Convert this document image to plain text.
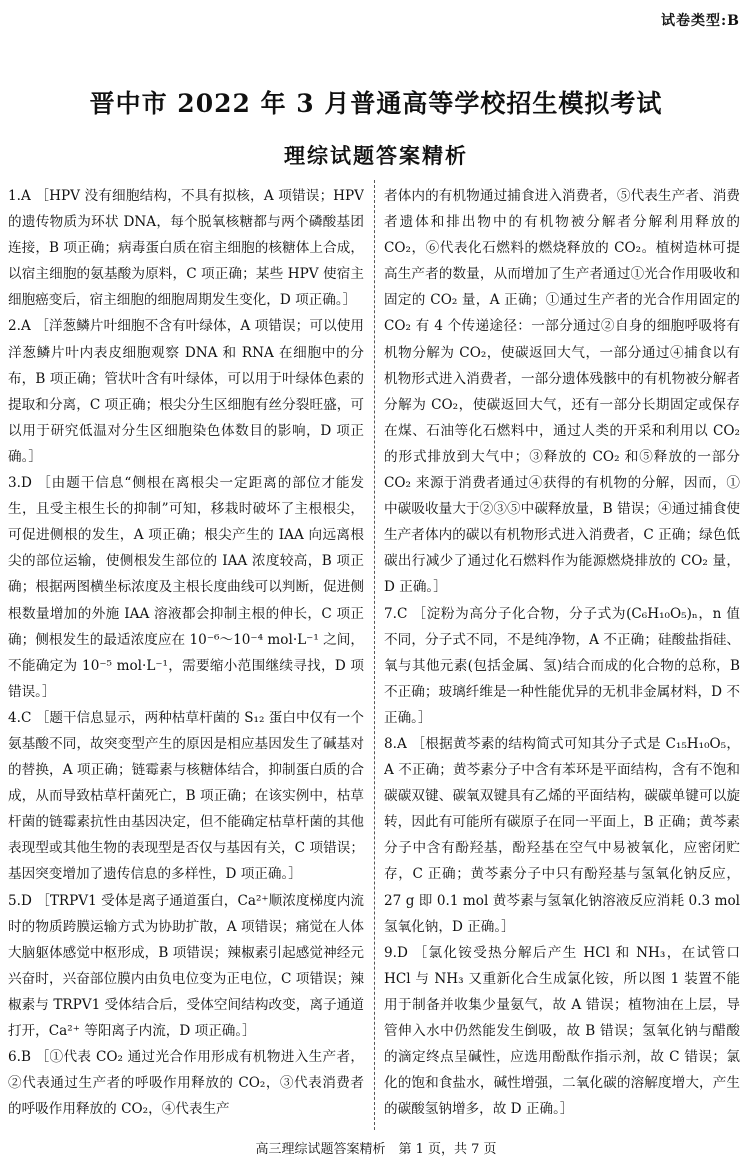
试卷类型:B
晋中市 2022 年 3 月普通高等学校招生模拟考试
理综试题答案精析

1.A ［HPV 没有细胞结构，不具有拟核，A 项错误；HPV 的遗传物质为环状 DNA，每个脱氧核糖都与两个磷酸基团连接，B 项正确；病毒蛋白质在宿主细胞的核糖体上合成，以宿主细胞的氨基酸为原料，C 项正确；某些 HPV 使宿主细胞癌变后，宿主细胞的细胞周期发生变化，D 项正确。］

2.A ［洋葱鳞片叶细胞不含有叶绿体，A 项错误；可以使用洋葱鳞片叶内表皮细胞观察 DNA 和 RNA 在细胞中的分布，B 项正确；管状叶含有叶绿体，可以用于叶绿体色素的提取和分离，C 项正确；根尖分生区细胞有丝分裂旺盛，可以用于研究低温对分生区细胞染色体数目的影响，D 项正确。］

3.D ［由题干信息“侧根在离根尖一定距离的部位才能发生，且受主根生长的抑制”可知，移栽时破坏了主根根尖，可促进侧根的发生，A 项正确；根尖产生的 IAA 向远离根尖的部位运输，使侧根发生部位的 IAA 浓度较高，B 项正确；根据两图横坐标浓度及主根长度曲线可以判断，促进侧根数量增加的外施 IAA 溶液都会抑制主根的伸长，C 项正确；侧根发生的最适浓度应在 10⁻⁶～10⁻⁴ mol·L⁻¹ 之间，不能确定为 10⁻⁵ mol·L⁻¹，需要缩小范围继续寻找，D 项错误。］

4.C ［题干信息显示，两种枯草杆菌的 S₁₂ 蛋白中仅有一个氨基酸不同，故突变型产生的原因是相应基因发生了碱基对的替换，A 项正确；链霉素与核糖体结合，抑制蛋白质的合成，从而导致枯草杆菌死亡，B 项正确；在该实例中，枯草杆菌的链霉素抗性由基因决定，但不能确定枯草杆菌的其他表现型或其他生物的表现型是否仅与基因有关，C 项错误；基因突变增加了遗传信息的多样性，D 项正确。］

5.D ［TRPV1 受体是离子通道蛋白，Ca²⁺顺浓度梯度内流时的物质跨膜运输方式为协助扩散，A 项错误；痛觉在人体大脑躯体感觉中枢形成，B 项错误；辣椒素引起感觉神经元兴奋时，兴奋部位膜内由负电位变为正电位，C 项错误；辣椒素与 TRPV1 受体结合后，受体空间结构改变，离子通道打开，Ca²⁺ 等阳离子内流，D 项正确。］

6.B ［①代表 CO₂ 通过光合作用形成有机物进入生产者，②代表通过生产者的呼吸作用释放的 CO₂，③代表消费者的呼吸作用释放的 CO₂，④代表生产

者体内的有机物通过捕食进入消费者，⑤代表生产者、消费者遗体和排出物中的有机物被分解者分解利用释放的 CO₂，⑥代表化石燃料的燃烧释放的 CO₂。植树造林可提高生产者的数量，从而增加了生产者通过①光合作用吸收和固定的 CO₂ 量，A 正确；①通过生产者的光合作用固定的 CO₂ 有 4 个传递途径：一部分通过②自身的细胞呼吸将有机物分解为 CO₂，使碳返回大气，一部分通过④捕食以有机物形式进入消费者，一部分遗体残骸中的有机物被分解者分解为 CO₂，使碳返回大气，还有一部分长期固定或保存在煤、石油等化石燃料中，通过人类的开采和利用以 CO₂ 的形式排放到大气中；③释放的 CO₂ 和⑤释放的一部分 CO₂ 来源于消费者通过④获得的有机物的分解，因而，①中碳吸收量大于②③⑤中碳释放量，B 错误；④通过捕食使生产者体内的碳以有机物形式进入消费者，C 正确；绿色低碳出行减少了通过化石燃料作为能源燃烧排放的 CO₂ 量，D 正确。］

7.C ［淀粉为高分子化合物，分子式为(C₆H₁₀O₅)ₙ，n 值不同，分子式不同，不是纯净物，A 不正确；硅酸盐指硅、氧与其他元素(包括金属、氢)结合而成的化合物的总称，B 不正确；玻璃纤维是一种性能优异的无机非金属材料，D 不正确。］

8.A ［根据黄芩素的结构简式可知其分子式是 C₁₅H₁₀O₅，A 不正确；黄芩素分子中含有苯环是平面结构，含有不饱和碳碳双键、碳氧双键具有乙烯的平面结构，碳碳单键可以旋转，因此有可能所有碳原子在同一平面上，B 正确；黄芩素分子中含有酚羟基，酚羟基在空气中易被氧化，应密闭贮存，C 正确；黄芩素分子中只有酚羟基与氢氧化钠反应，27 g 即 0.1 mol 黄芩素与氢氧化钠溶液反应消耗 0.3 mol 氢氧化钠，D 正确。］

9.D ［氯化铵受热分解后产生 HCl 和 NH₃，在试管口 HCl 与 NH₃ 又重新化合生成氯化铵，所以图 1 装置不能用于制备并收集少量氨气，故 A 错误；植物油在上层，导管伸入水中仍然能发生倒吸，故 B 错误；氢氧化钠与醋酸的滴定终点呈碱性，应选用酚酞作指示剂，故 C 错误；氯化的饱和食盐水，碱性增强，二氧化碳的溶解度增大，产生的碳酸氢钠增多，故 D 正确。］

高三理综试题答案精析　第 1 页，共 7 页
